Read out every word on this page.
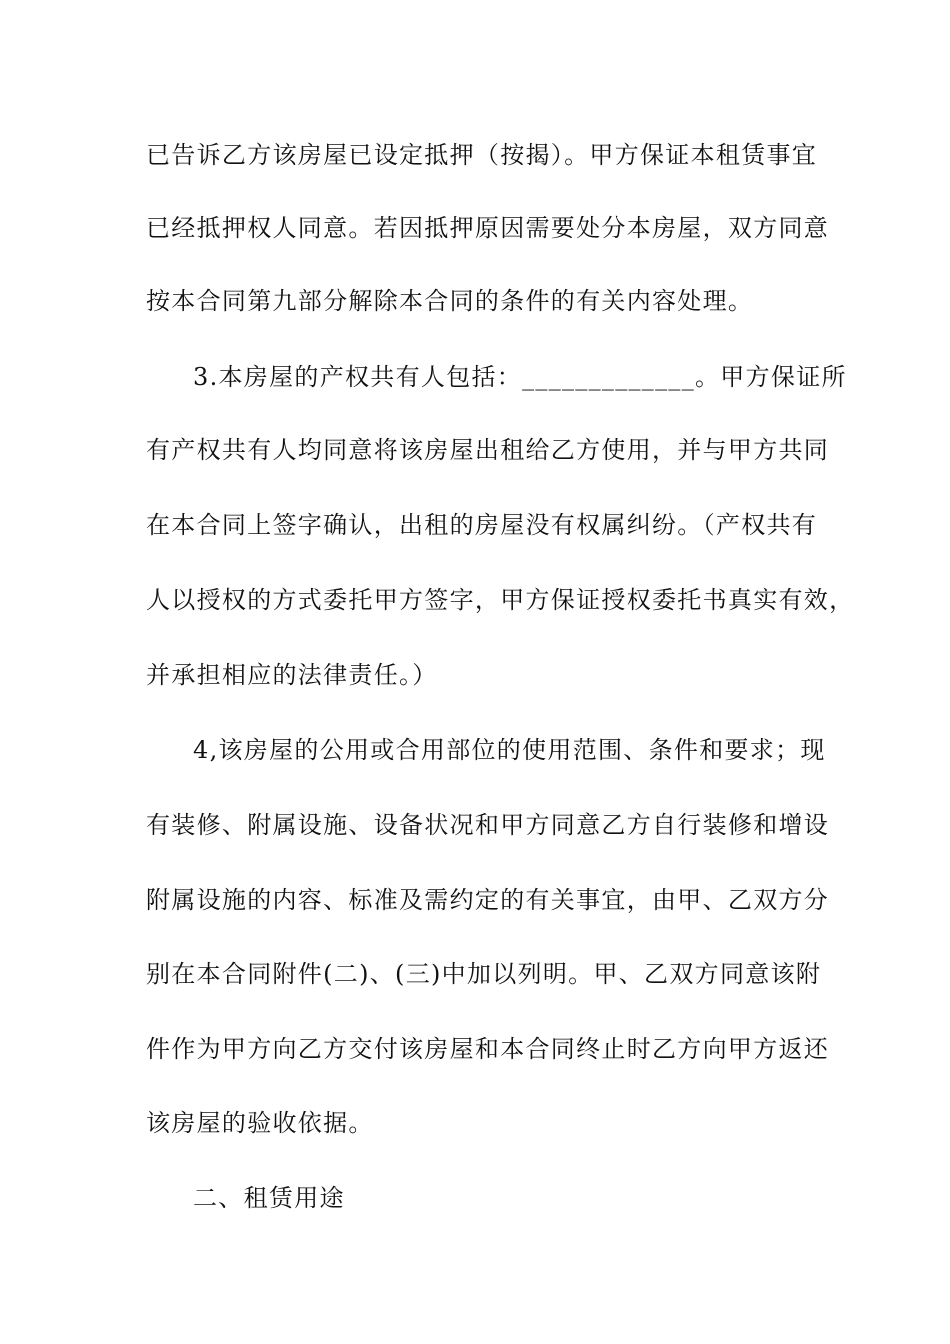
已告诉乙方该房屋已设定抵押（按揭）。甲方保证本租赁事宜
已经抵押权人同意。若因抵押原因需要处分本房屋，双方同意
按本合同第九部分解除本合同的条件的有关内容处理。
3.本房屋的产权共有人包括：_____________。甲方保证所
有产权共有人均同意将该房屋出租给乙方使用，并与甲方共同
在本合同上签字确认，出租的房屋没有权属纠纷。（产权共有
人以授权的方式委托甲方签字，甲方保证授权委托书真实有效，
并承担相应的法律责任。）
4,该房屋的公用或合用部位的使用范围、条件和要求；现
有装修、附属设施、设备状况和甲方同意乙方自行装修和增设
附属设施的内容、标准及需约定的有关事宜，由甲、乙双方分
别在本合同附件(二)、(三)中加以列明。甲、乙双方同意该附
件作为甲方向乙方交付该房屋和本合同终止时乙方向甲方返还
该房屋的验收依据。
二、租赁用途
